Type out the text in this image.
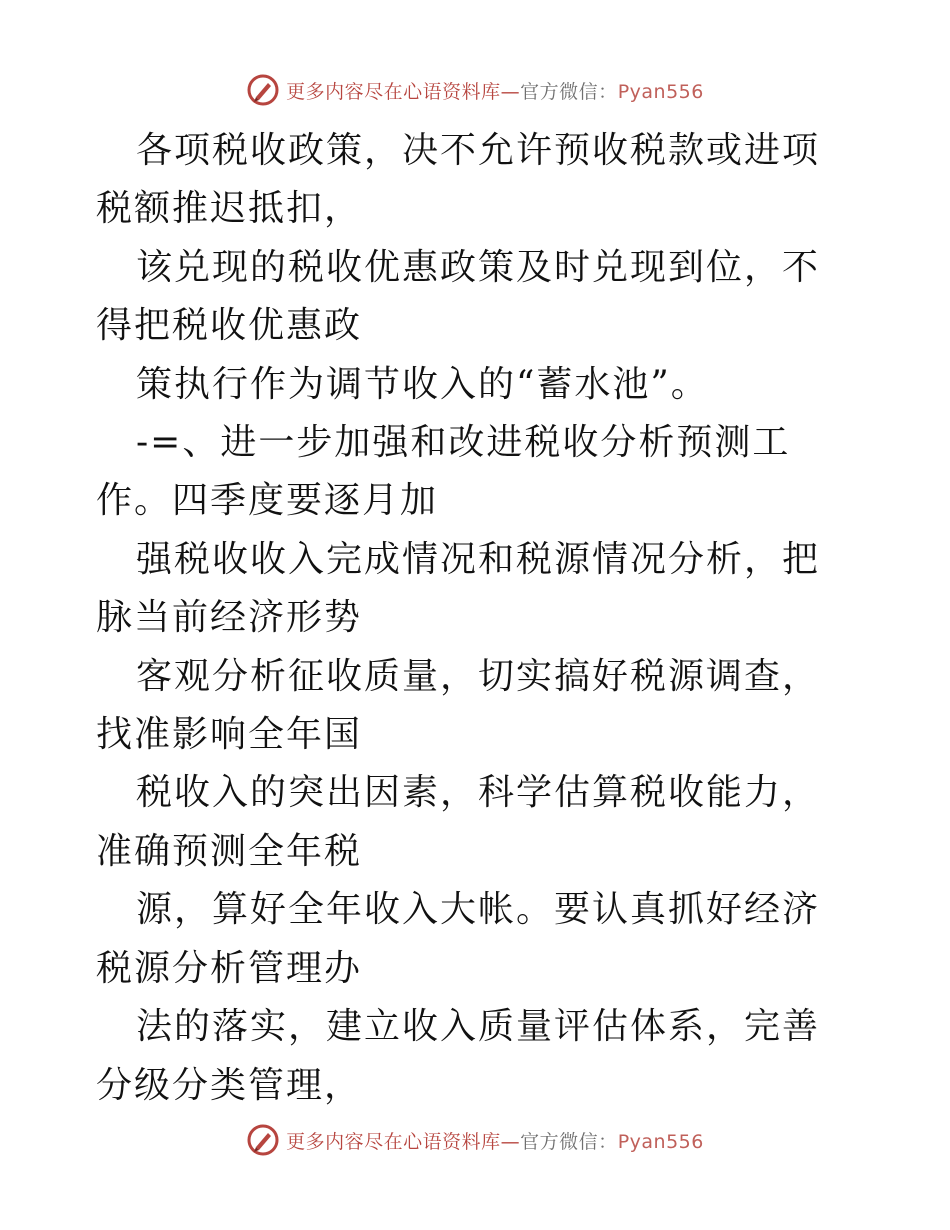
更多内容尽在心语资料库—官方微信：Pyan556

各项税收政策，决不允许预收税款或进项税额推迟抵扣，

该兑现的税收优惠政策及时兑现到位，不得把税收优惠政

策执行作为调节收入的“蓄水池”。

-=、进一步加强和改进税收分析预测工作。四季度要逐月加

强税收收入完成情况和税源情况分析，把脉当前经济形势

客观分析征收质量，切实搞好税源调查，找准影响全年国

税收入的突出因素，科学估算税收能力， 准确预测全年税

源，算好全年收入大帐。要认真抓好经济税源分析管理办

法的落实，建立收入质量评估体系，完善分级分类管理，

更多内容尽在心语资料库—官方微信：Pyan556
